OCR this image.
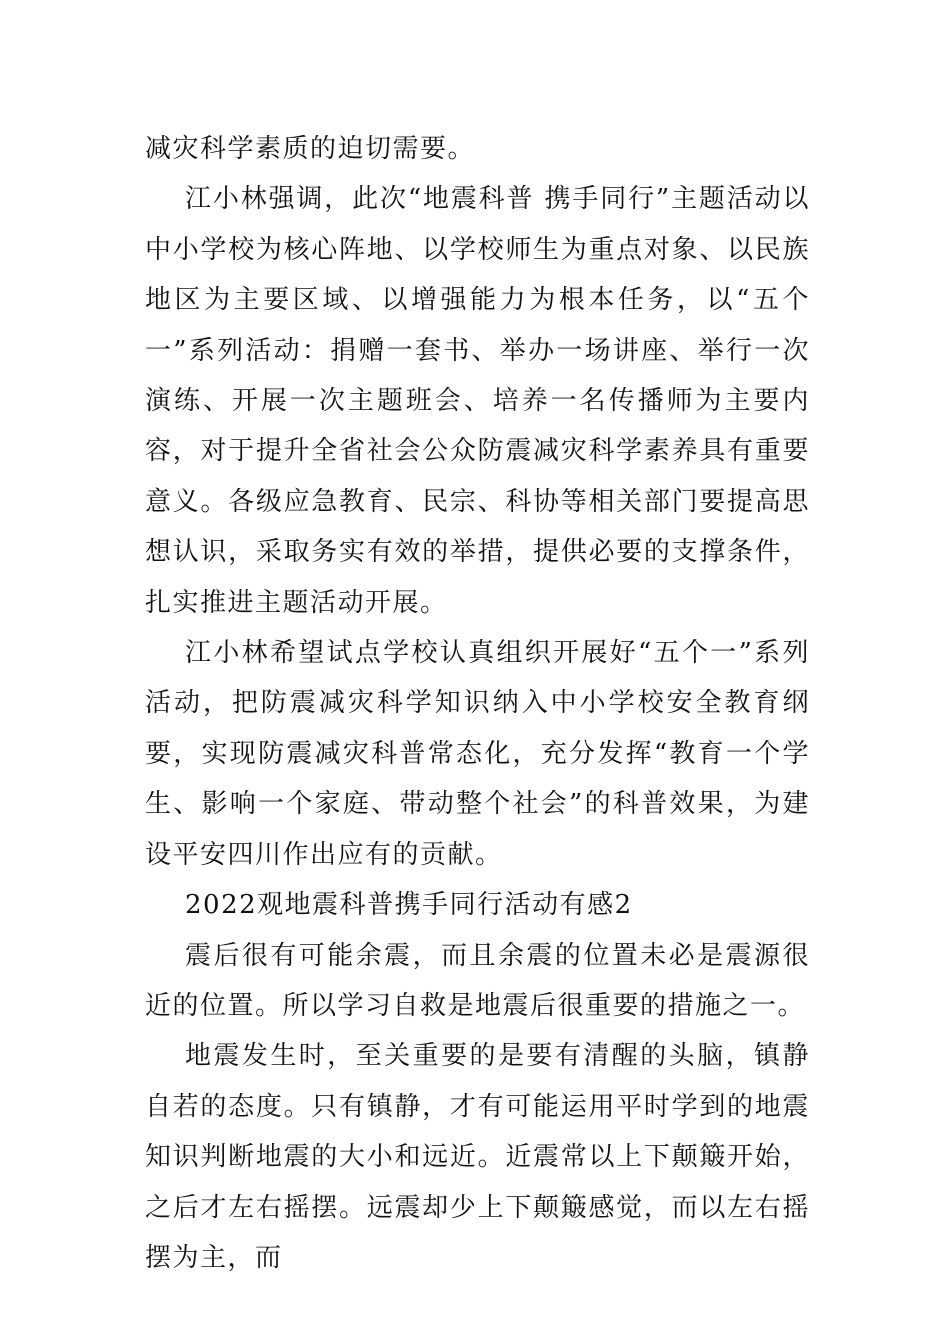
减灾科学素质的迫切需要。

江小林强调，此次“地震科普 携手同行”主题活动以中小学校为核心阵地、以学校师生为重点对象、以民族地区为主要区域、以增强能力为根本任务，以“五个一”系列活动：捐赠一套书、举办一场讲座、举行一次演练、开展一次主题班会、培养一名传播师为主要内容，对于提升全省社会公众防震减灾科学素养具有重要意义。各级应急教育、民宗、科协等相关部门要提高思想认识，采取务实有效的举措，提供必要的支撑条件，扎实推进主题活动开展。

江小林希望试点学校认真组织开展好“五个一”系列活动，把防震减灾科学知识纳入中小学校安全教育纲要，实现防震减灾科普常态化，充分发挥“教育一个学生、影响一个家庭、带动整个社会”的科普效果，为建设平安四川作出应有的贡献。

2022观地震科普携手同行活动有感2

震后很有可能余震，而且余震的位置未必是震源很近的位置。所以学习自救是地震后很重要的措施之一。

地震发生时，至关重要的是要有清醒的头脑，镇静自若的态度。只有镇静，才有可能运用平时学到的地震知识判断地震的大小和远近。近震常以上下颠簸开始，之后才左右摇摆。远震却少上下颠簸感觉，而以左右摇摆为主，而
